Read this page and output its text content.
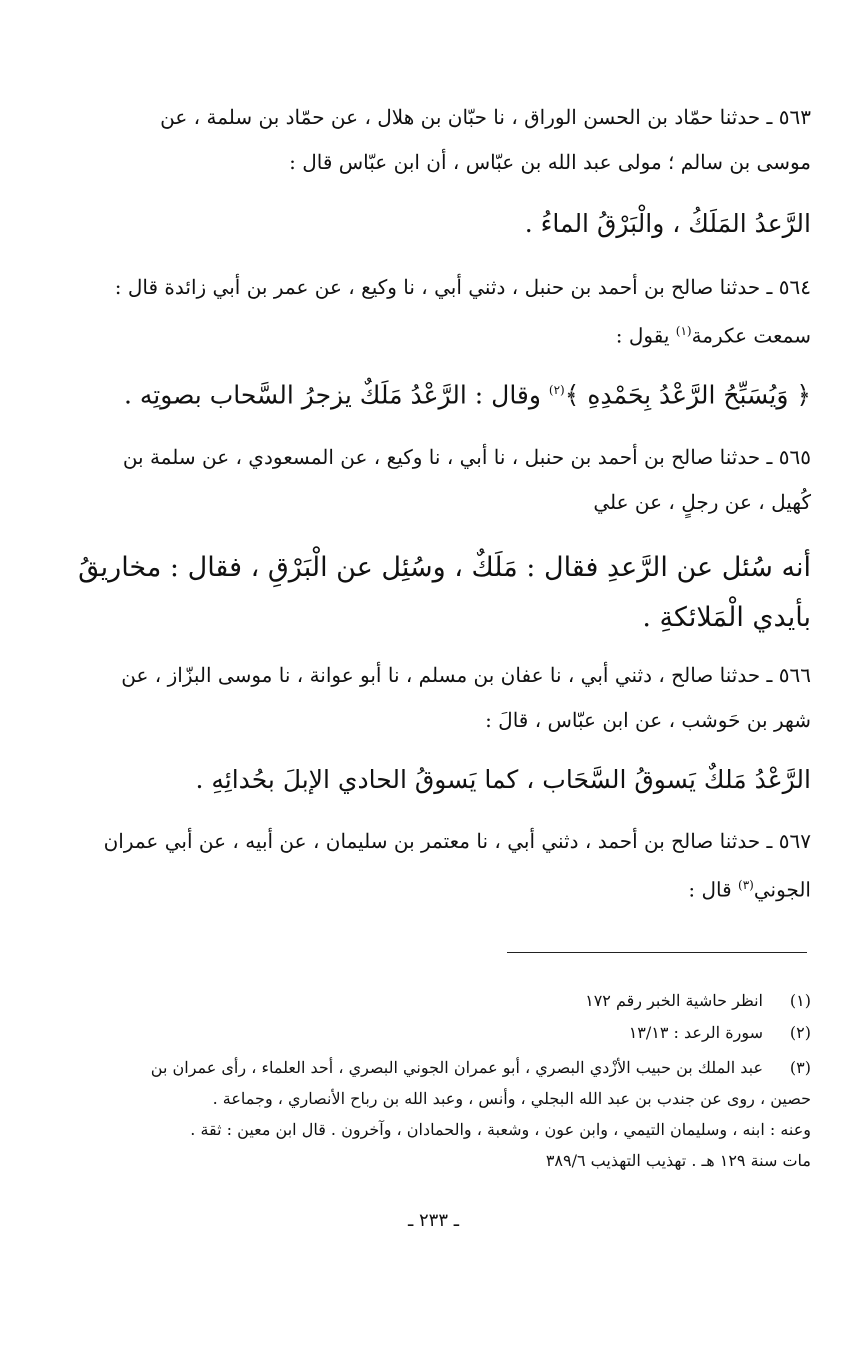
٥٦٣ ـ حدثنا حمّاد بن الحسن الوراق ، نا حبّان بن هلال ، عن حمّاد بن سلمة ، عن

موسى بن سالم ؛ مولى عبد الله بن عبّاس ، أن ابن عبّاس قال :

الرَّعدُ المَلَكُ ، والْبَرْقُ الماءُ .

٥٦٤ ـ حدثنا صالح بن أحمد بن حنبل ، دثني أبي ، نا وكيع ، عن عمر بن أبي زائدة قال :

سمعت عكرمة$^{(١)}$ يقول :

﴿ وَيُسَبِّحُ الرَّعْدُ بِحَمْدِهِ ﴾$^{(٢)}$ وقال : الرَّعْدُ مَلَكٌ يزجرُ السَّحاب بصوتِه .

٥٦٥ ـ حدثنا صالح بن أحمد بن حنبل ، نا أبي ، نا وكيع ، عن المسعودي ، عن سلمة بن

كُهيل ، عن رجلٍ ، عن علي

أنه سُئل عن الرَّعدِ فقال : مَلَكٌ ، وسُئِل عن الْبَرْقِ ، فقال : مخاريقُ

بأيدي الْمَلائكةِ .

٥٦٦ ـ حدثنا صالح ، دثني أبي ، نا عفان بن مسلم ، نا أبو عوانة ، نا موسى البزّاز ، عن

شهر بن حَوشب ، عن ابن عبّاس ، قالَ :

الرَّعْدُ مَلكٌ يَسوقُ السَّحَاب ، كما يَسوقُ الحادي الإبلَ بحُدائِهِ .

٥٦٧ ـ حدثنا صالح بن أحمد ، دثني أبي ، نا معتمر بن سليمان ، عن أبيه ، عن أبي عمران

الجوني$^{(٣)}$ قال :

(١)
انظر حاشية الخبر رقم ١٧٢
(٢)
سورة الرعد : ١٣/١٣
(٣)
عبد الملك بن حبيب الأزْدي البصري ، أبو عمران الجوني البصري ، أحد العلماء ، رأى عمران بن
حصين ، روى عن جندب بن عبد الله البجلي ، وأنس ، وعبد الله بن رباح الأنصاري ، وجماعة .
وعنه : ابنه ، وسليمان التيمي ، وابن عون ، وشعبة ، والحمادان ، وآخرون . قال ابن معين : ثقة .
مات سنة ١٢٩ هـ . تهذيب التهذيب ٣٨٩/٦
ـ ٢٣٣ ـ
